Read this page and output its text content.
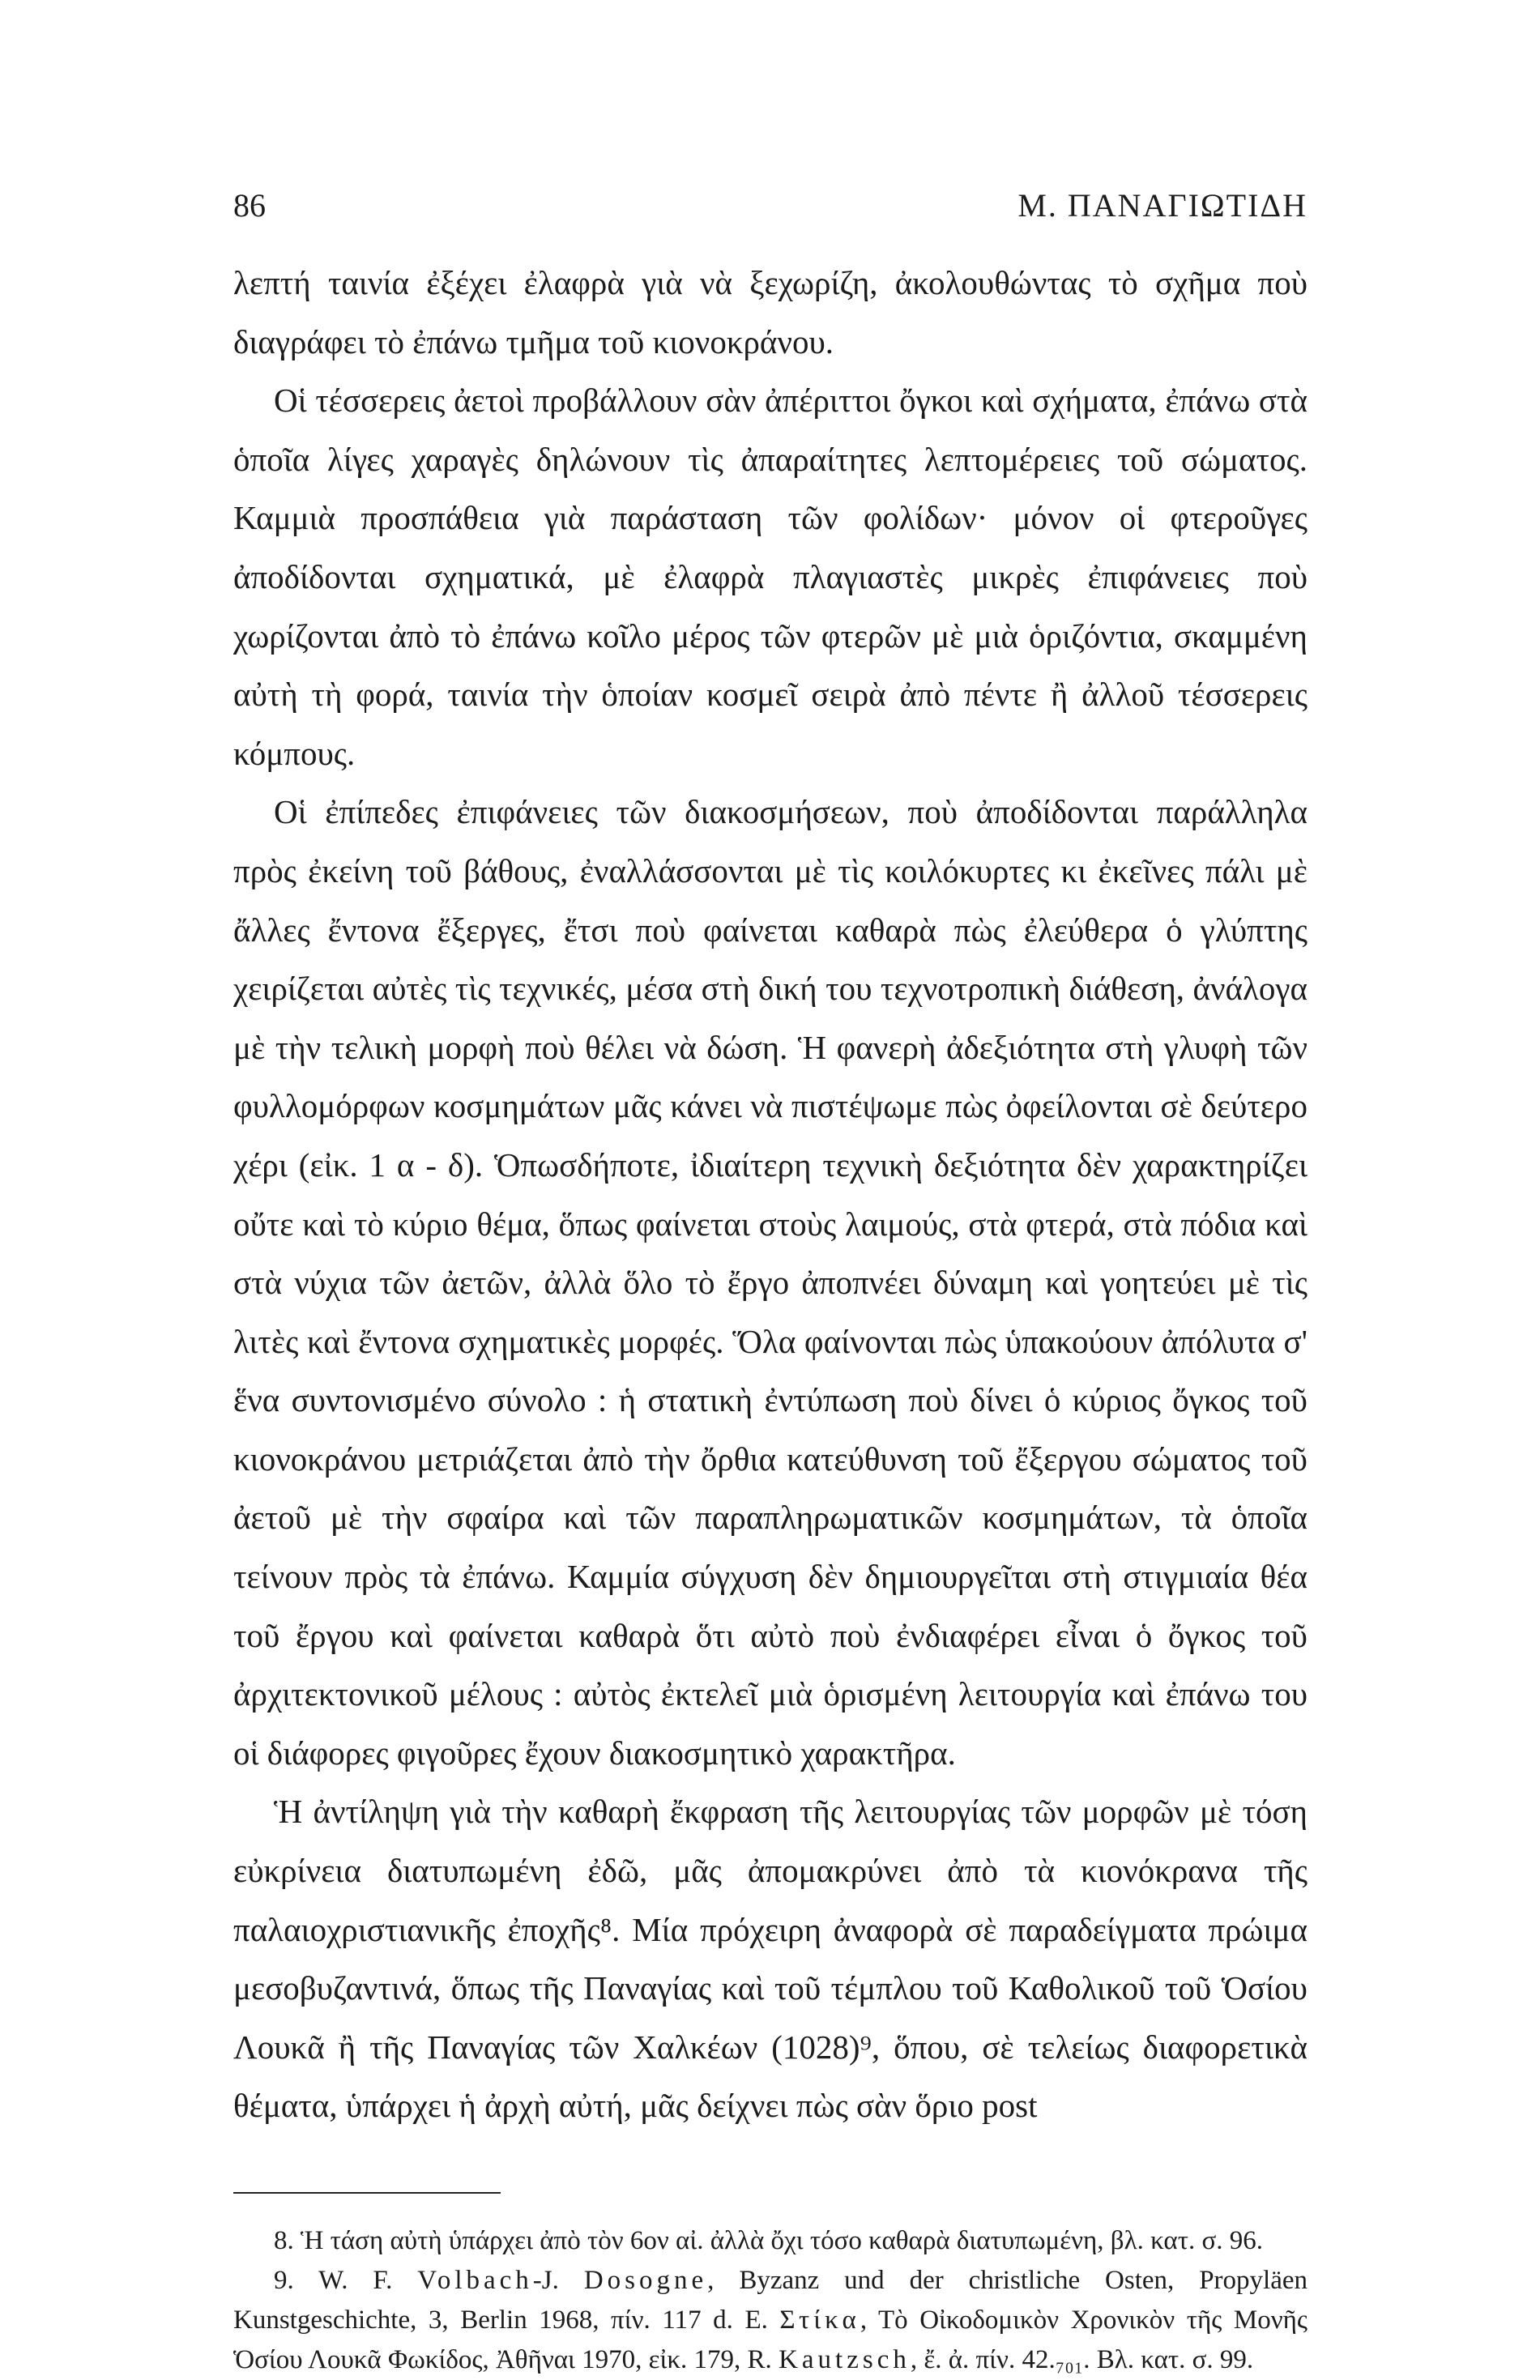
86	Μ. ΠΑΝΑΓΙΩΤΙΔΗ

λεπτή ταινία ἐξέχει ἐλαφρὰ γιὰ νὰ ξεχωρίζη, ἀκολουθώντας τὸ σχῆμα ποὺ διαγράφει τὸ ἐπάνω τμῆμα τοῦ κιονοκράνου.

Οἱ τέσσερεις ἀετοὶ προβάλλουν σὰν ἀπέριττοι ὄγκοι καὶ σχήματα, ἐπάνω στὰ ὁποῖα λίγες χαραγὲς δηλώνουν τὶς ἀπαραίτητες λεπτομέρειες τοῦ σώματος. Καμμιὰ προσπάθεια γιὰ παράσταση τῶν φολίδων· μόνον οἱ φτεροῦγες ἀποδίδονται σχηματικά, μὲ ἐλαφρὰ πλαγιαστὲς μικρὲς ἐπιφάνειες ποὺ χωρίζονται ἀπὸ τὸ ἐπάνω κοῖλο μέρος τῶν φτερῶν μὲ μιὰ ὁριζόντια, σκαμμένη αὐτὴ τὴ φορά, ταινία τὴν ὁποίαν κοσμεῖ σειρὰ ἀπὸ πέντε ἢ ἀλλοῦ τέσσερεις κόμπους.

Οἱ ἐπίπεδες ἐπιφάνειες τῶν διακοσμήσεων, ποὺ ἀποδίδονται παράλληλα πρὸς ἐκείνη τοῦ βάθους, ἐναλλάσσονται μὲ τὶς κοιλόκυρτες κι ἐκεῖνες πάλι μὲ ἄλλες ἔντονα ἔξεργες, ἔτσι ποὺ φαίνεται καθαρὰ πὼς ἐλεύθερα ὁ γλύπτης χειρίζεται αὐτὲς τὶς τεχνικές, μέσα στὴ δική του τεχνοτροπικὴ διάθεση, ἀνάλογα μὲ τὴν τελικὴ μορφὴ ποὺ θέλει νὰ δώση. Ἡ φανερὴ ἀδεξιότητα στὴ γλυφὴ τῶν φυλλομόρφων κοσμημάτων μᾶς κάνει νὰ πιστέψωμε πὼς ὀφείλονται σὲ δεύτερο χέρι (εἰκ. 1 α - δ). Ὁπωσδήποτε, ἰδιαίτερη τεχνικὴ δεξιότητα δὲν χαρακτηρίζει οὔτε καὶ τὸ κύριο θέμα, ὅπως φαίνεται στοὺς λαιμούς, στὰ φτερά, στὰ πόδια καὶ στὰ νύχια τῶν ἀετῶν, ἀλλὰ ὅλο τὸ ἔργο ἀποπνέει δύναμη καὶ γοητεύει μὲ τὶς λιτὲς καὶ ἔντονα σχηματικὲς μορφές. Ὅλα φαίνονται πὼς ὑπακούουν ἀπόλυτα σ' ἕνα συντονισμένο σύνολο : ἡ στατικὴ ἐντύπωση ποὺ δίνει ὁ κύριος ὄγκος τοῦ κιονοκράνου μετριάζεται ἀπὸ τὴν ὄρθια κατεύθυνση τοῦ ἔξεργου σώματος τοῦ ἀετοῦ μὲ τὴν σφαίρα καὶ τῶν παραπληρωματικῶν κοσμημάτων, τὰ ὁποῖα τείνουν πρὸς τὰ ἐπάνω. Καμμία σύγχυση δὲν δημιουργεῖται στὴ στιγμιαία θέα τοῦ ἔργου καὶ φαίνεται καθαρὰ ὅτι αὐτὸ ποὺ ἐνδιαφέρει εἶναι ὁ ὄγκος τοῦ ἀρχιτεκτονικοῦ μέλους : αὐτὸς ἐκτελεῖ μιὰ ὁρισμένη λειτουργία καὶ ἐπάνω του οἱ διάφορες φιγοῦρες ἔχουν διακοσμητικὸ χαρακτῆρα.

Ἡ ἀντίληψη γιὰ τὴν καθαρὴ ἔκφραση τῆς λειτουργίας τῶν μορφῶν μὲ τόση εὐκρίνεια διατυπωμένη ἐδῶ, μᾶς ἀπομακρύνει ἀπὸ τὰ κιονόκρανα τῆς παλαιοχριστιανικῆς ἐποχῆς⁸. Μία πρόχειρη ἀναφορὰ σὲ παραδείγματα πρώιμα μεσοβυζαντινά, ὅπως τῆς Παναγίας καὶ τοῦ τέμπλου τοῦ Καθολικοῦ τοῦ Ὁσίου Λουκᾶ ἢ τῆς Παναγίας τῶν Χαλκέων (1028)⁹, ὅπου, σὲ τελείως διαφορετικὰ θέματα, ὑπάρχει ἡ ἀρχὴ αὐτή, μᾶς δείχνει πὼς σὰν ὅριο post

8. Ἡ τάση αὐτὴ ὑπάρχει ἀπὸ τὸν 6ον αἰ. ἀλλὰ ὄχι τόσο καθαρὰ διατυπωμένη, βλ. κατ. σ. 96.

9. W. F. Volbach-J. Dosogne, Byzanz und der christliche Osten, Propyläen Kunstgeschichte, 3, Berlin 1968, πίν. 117 d. E. Στίκα, Τὸ Οἰκοδομικὸν Χρονικὸν τῆς Μονῆς Ὁσίου Λουκᾶ Φωκίδος, Ἀθῆναι 1970, εἰκ. 179, R. Kautzsch, ἔ. ἀ. πίν. 42.₇₀₁. Βλ. κατ. σ. 99.
